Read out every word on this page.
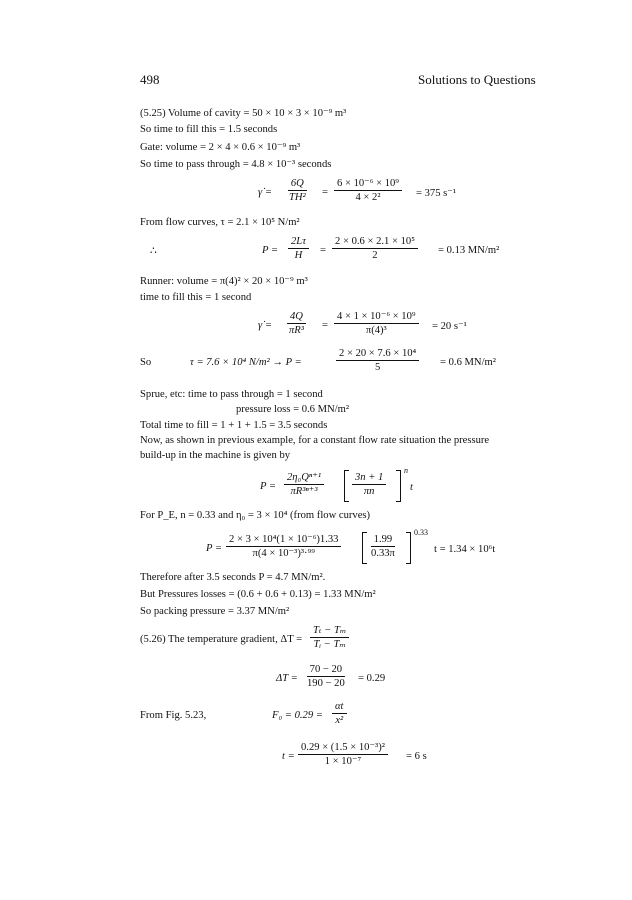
498	Solutions to Questions
(5.25) Volume of cavity = 50 × 10 × 3 × 10⁻⁹ m³
So time to fill this = 1.5 seconds
Gate: volume = 2 × 4 × 0.6 × 10⁻⁹ m³
So time to pass through = 4.8 × 10⁻³ seconds
γ̇ = $\frac{6Q}{\text{TH²}} = \frac{\text{6 × 10⁻⁶ × 10⁹}}{\text{4 × 2²}} = 375$ s⁻¹
From flow curves, τ = 2.1 × 10⁵ N/m²
∴	$P = \frac{2L\tau}{H} = \frac{\text{2 × 0.6 × 2.1 × 10⁵}}{2} = 0.13$ MN/m²
Runner: volume = π(4)² × 20 × 10⁻⁹ m³
time to fill this = 1 second
γ̇ = $\frac{4Q}{\text{πR³}} = \frac{\text{4 × 1 × 10⁻⁶ × 10⁹}}{\text{π(4)³}} = 20$ s⁻¹
So	τ = 7.6 × 10⁴ N/m² → P =	$\frac{\text{2 × 20 × 7.6 × 10⁴}}{5} = 0.6$ MN/m²
Sprue, etc: time to pass through = 1 second
pressure loss = 0.6 MN/m²
Total time to fill = 1 + 1 + 1.5 = 3.5 seconds
Now, as shown in previous example, for a constant flow rate situation the pressure
build-up in the machine is given by
$P = \frac{\text{2η₀Qⁿ⁺¹}}{\text{πR³ⁿ⁺³}}$	$\frac{3n + 1}{\pi n}$
n
t
For P_E, n = 0.33 and η₀ = 3 × 10⁴ (from flow curves)
$P = \frac{\text{2 × 3 × 10⁴(1 × 10⁻⁶)1.33}}{\text{π(4 × 10⁻³)³·⁹⁹}}$	$\frac{1.99}{0.33\pi}$
0.33
t = 1.34 × 10⁶t
Therefore after 3.5 seconds P = 4.7 MN/m².
But Pressures losses = (0.6 + 0.6 + 0.13) = 1.33 MN/m²
So packing pressure = 3.37 MN/m²
(5.26) The temperature gradient, $\Delta T = \frac{\text{Tₜ − Tₘ}}{\text{Tᵢ − Tₘ}}$
$\Delta T = \frac{70 - 20}{190 - 20} = 0.29$
From Fig. 5.23,	$F_0 = 0.29 = \frac{\alpha t}{\text{x²}}$
$t = \frac{\text{0.29 × (1.5 × 10⁻³)²}}{\text{1 × 10⁻⁷}} = 6$ s
